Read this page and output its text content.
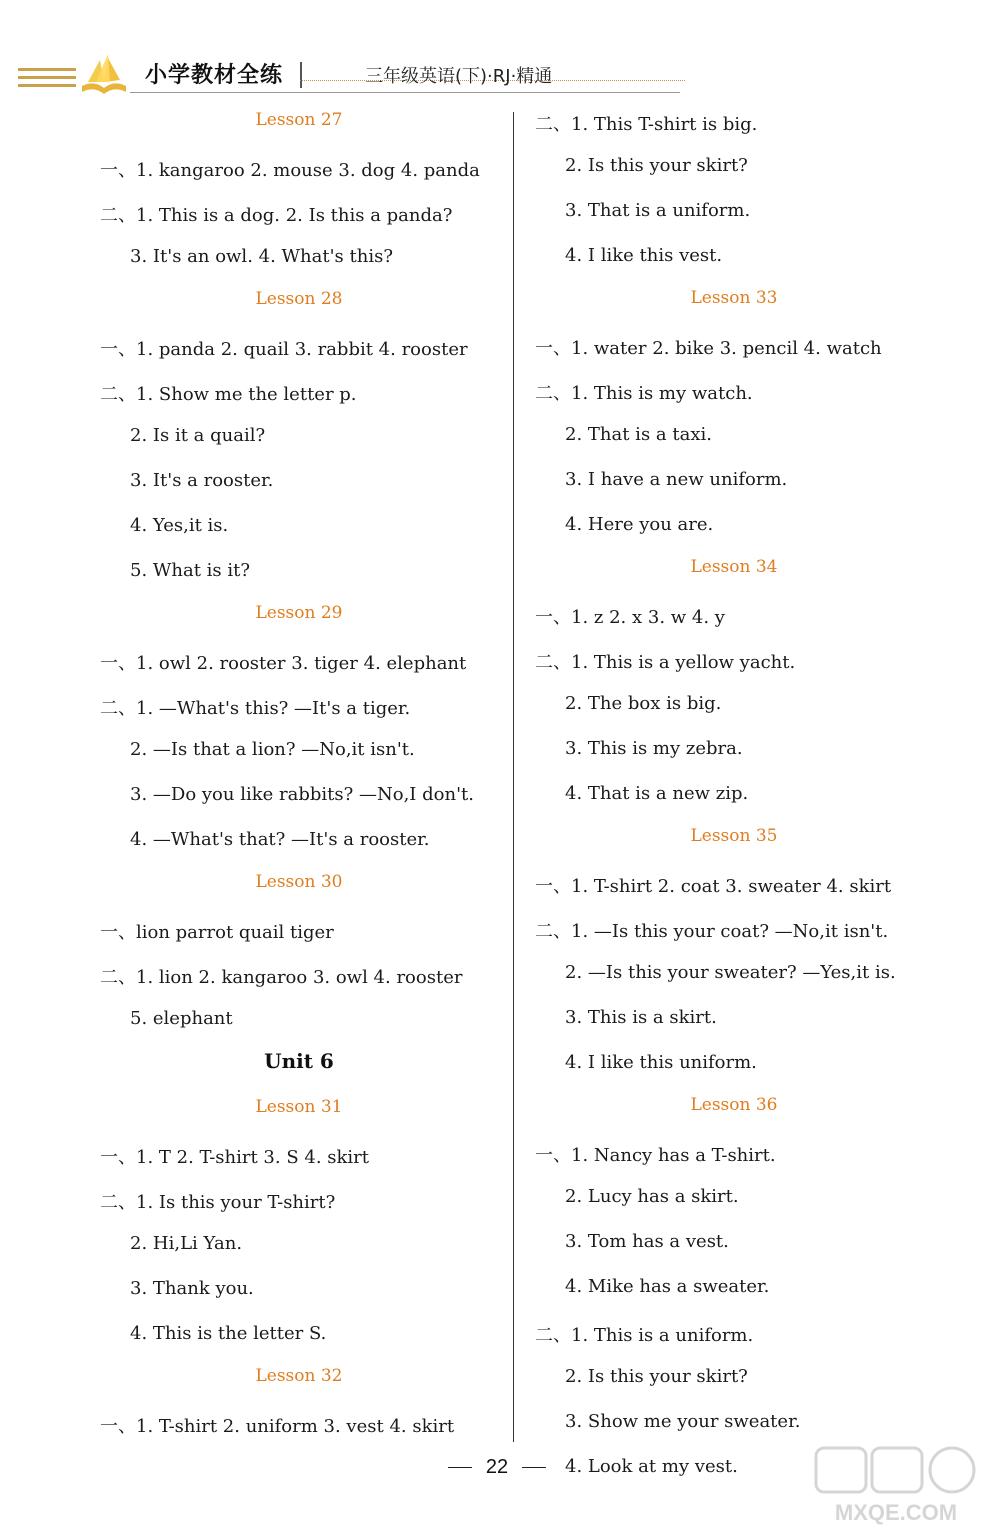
小学教材全练	三年级英语(下)·RJ·精通
Lesson 27
一、1. kangaroo 2. mouse 3. dog 4. panda
二、1. This is a dog. 2. Is this a panda?
3. It's an owl. 4. What's this?
Lesson 28
一、1. panda 2. quail 3. rabbit 4. rooster
二、1. Show me the letter p.
2. Is it a quail?
3. It's a rooster.
4. Yes,it is.
5. What is it?
Lesson 29
一、1. owl 2. rooster 3. tiger 4. elephant
二、1. —What's this? —It's a tiger.
2. —Is that a lion? —No,it isn't.
3. —Do you like rabbits? —No,I don't.
4. —What's that? —It's a rooster.
Lesson 30
一、lion parrot quail tiger
二、1. lion 2. kangaroo 3. owl 4. rooster
5. elephant
Unit 6
Lesson 31
一、1. T 2. T-shirt 3. S 4. skirt
二、1. Is this your T-shirt?
2. Hi,Li Yan.
3. Thank you.
4. This is the letter S.
Lesson 32
一、1. T-shirt 2. uniform 3. vest 4. skirt
二、1. This T-shirt is big.
2. Is this your skirt?
3. That is a uniform.
4. I like this vest.
Lesson 33
一、1. water 2. bike 3. pencil 4. watch
二、1. This is my watch.
2. That is a taxi.
3. I have a new uniform.
4. Here you are.
Lesson 34
一、1. z 2. x 3. w 4. y
二、1. This is a yellow yacht.
2. The box is big.
3. This is my zebra.
4. That is a new zip.
Lesson 35
一、1. T-shirt 2. coat 3. sweater 4. skirt
二、1. —Is this your coat? —No,it isn't.
2. —Is this your sweater? —Yes,it is.
3. This is a skirt.
4. I like this uniform.
Lesson 36
一、1. Nancy has a T-shirt.
2. Lucy has a skirt.
3. Tom has a vest.
4. Mike has a sweater.
二、1. This is a uniform.
2. Is this your skirt?
3. Show me your sweater.
4. Look at my vest.
22
MXQE.COM
